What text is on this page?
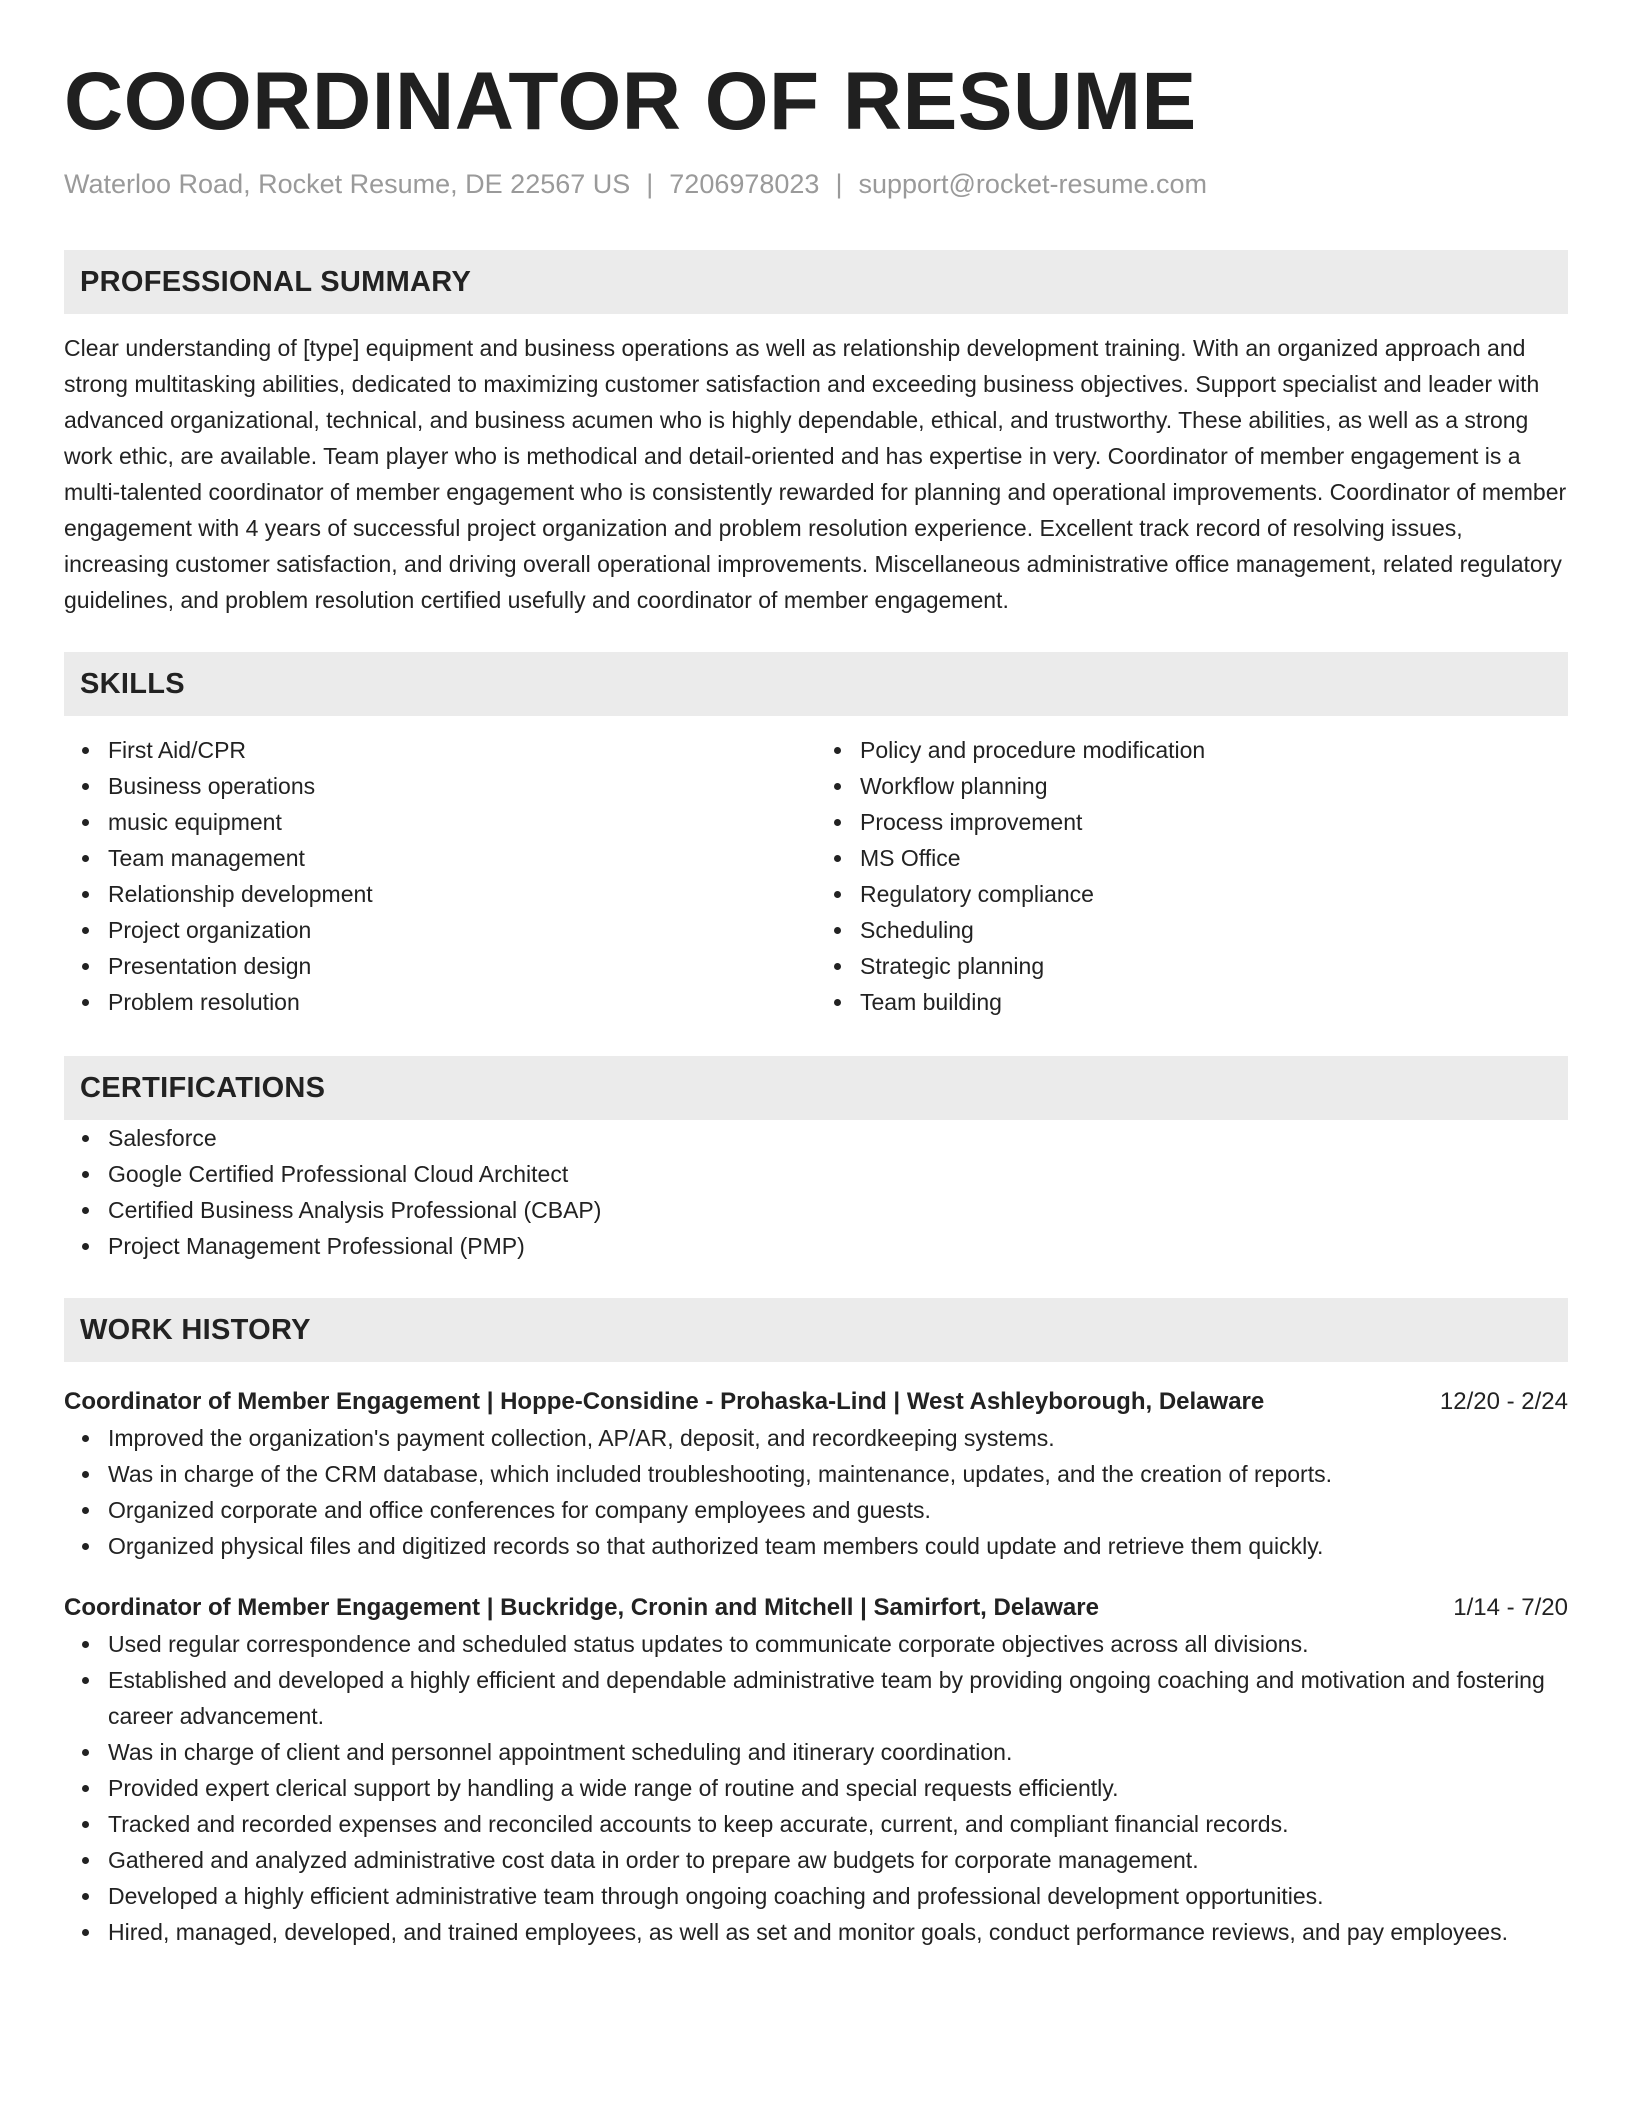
COORDINATOR OF RESUME
Waterloo Road, Rocket Resume, DE 22567 US | 7206978023 | support@rocket-resume.com
PROFESSIONAL SUMMARY

Clear understanding of [type] equipment and business operations as well as relationship development training. With an organized approach and strong multitasking abilities, dedicated to maximizing customer satisfaction and exceeding business objectives. Support specialist and leader with advanced organizational, technical, and business acumen who is highly dependable, ethical, and trustworthy. These abilities, as well as a strong work ethic, are available. Team player who is methodical and detail-oriented and has expertise in very. Coordinator of member engagement is a multi-talented coordinator of member engagement who is consistently rewarded for planning and operational improvements. Coordinator of member engagement with 4 years of successful project organization and problem resolution experience. Excellent track record of resolving issues, increasing customer satisfaction, and driving overall operational improvements. Miscellaneous administrative office management, related regulatory guidelines, and problem resolution certified usefully and coordinator of member engagement.

SKILLS
First Aid/CPR
Business operations
music equipment
Team management
Relationship development
Project organization
Presentation design
Problem resolution
Policy and procedure modification
Workflow planning
Process improvement
MS Office
Regulatory compliance
Scheduling
Strategic planning
Team building
CERTIFICATIONS
Salesforce
Google Certified Professional Cloud Architect
Certified Business Analysis Professional (CBAP)
Project Management Professional (PMP)
WORK HISTORY
Coordinator of Member Engagement | Hoppe-Considine - Prohaska-Lind | West Ashleyborough, Delaware	12/20 - 2/24
Improved the organization's payment collection, AP/AR, deposit, and recordkeeping systems.
Was in charge of the CRM database, which included troubleshooting, maintenance, updates, and the creation of reports.
Organized corporate and office conferences for company employees and guests.
Organized physical files and digitized records so that authorized team members could update and retrieve them quickly.
Coordinator of Member Engagement | Buckridge, Cronin and Mitchell | Samirfort, Delaware	1/14 - 7/20
Used regular correspondence and scheduled status updates to communicate corporate objectives across all divisions.
Established and developed a highly efficient and dependable administrative team by providing ongoing coaching and motivation and fostering career advancement.
Was in charge of client and personnel appointment scheduling and itinerary coordination.
Provided expert clerical support by handling a wide range of routine and special requests efficiently.
Tracked and recorded expenses and reconciled accounts to keep accurate, current, and compliant financial records.
Gathered and analyzed administrative cost data in order to prepare aw budgets for corporate management.
Developed a highly efficient administrative team through ongoing coaching and professional development opportunities.
Hired, managed, developed, and trained employees, as well as set and monitor goals, conduct performance reviews, and pay employees.
